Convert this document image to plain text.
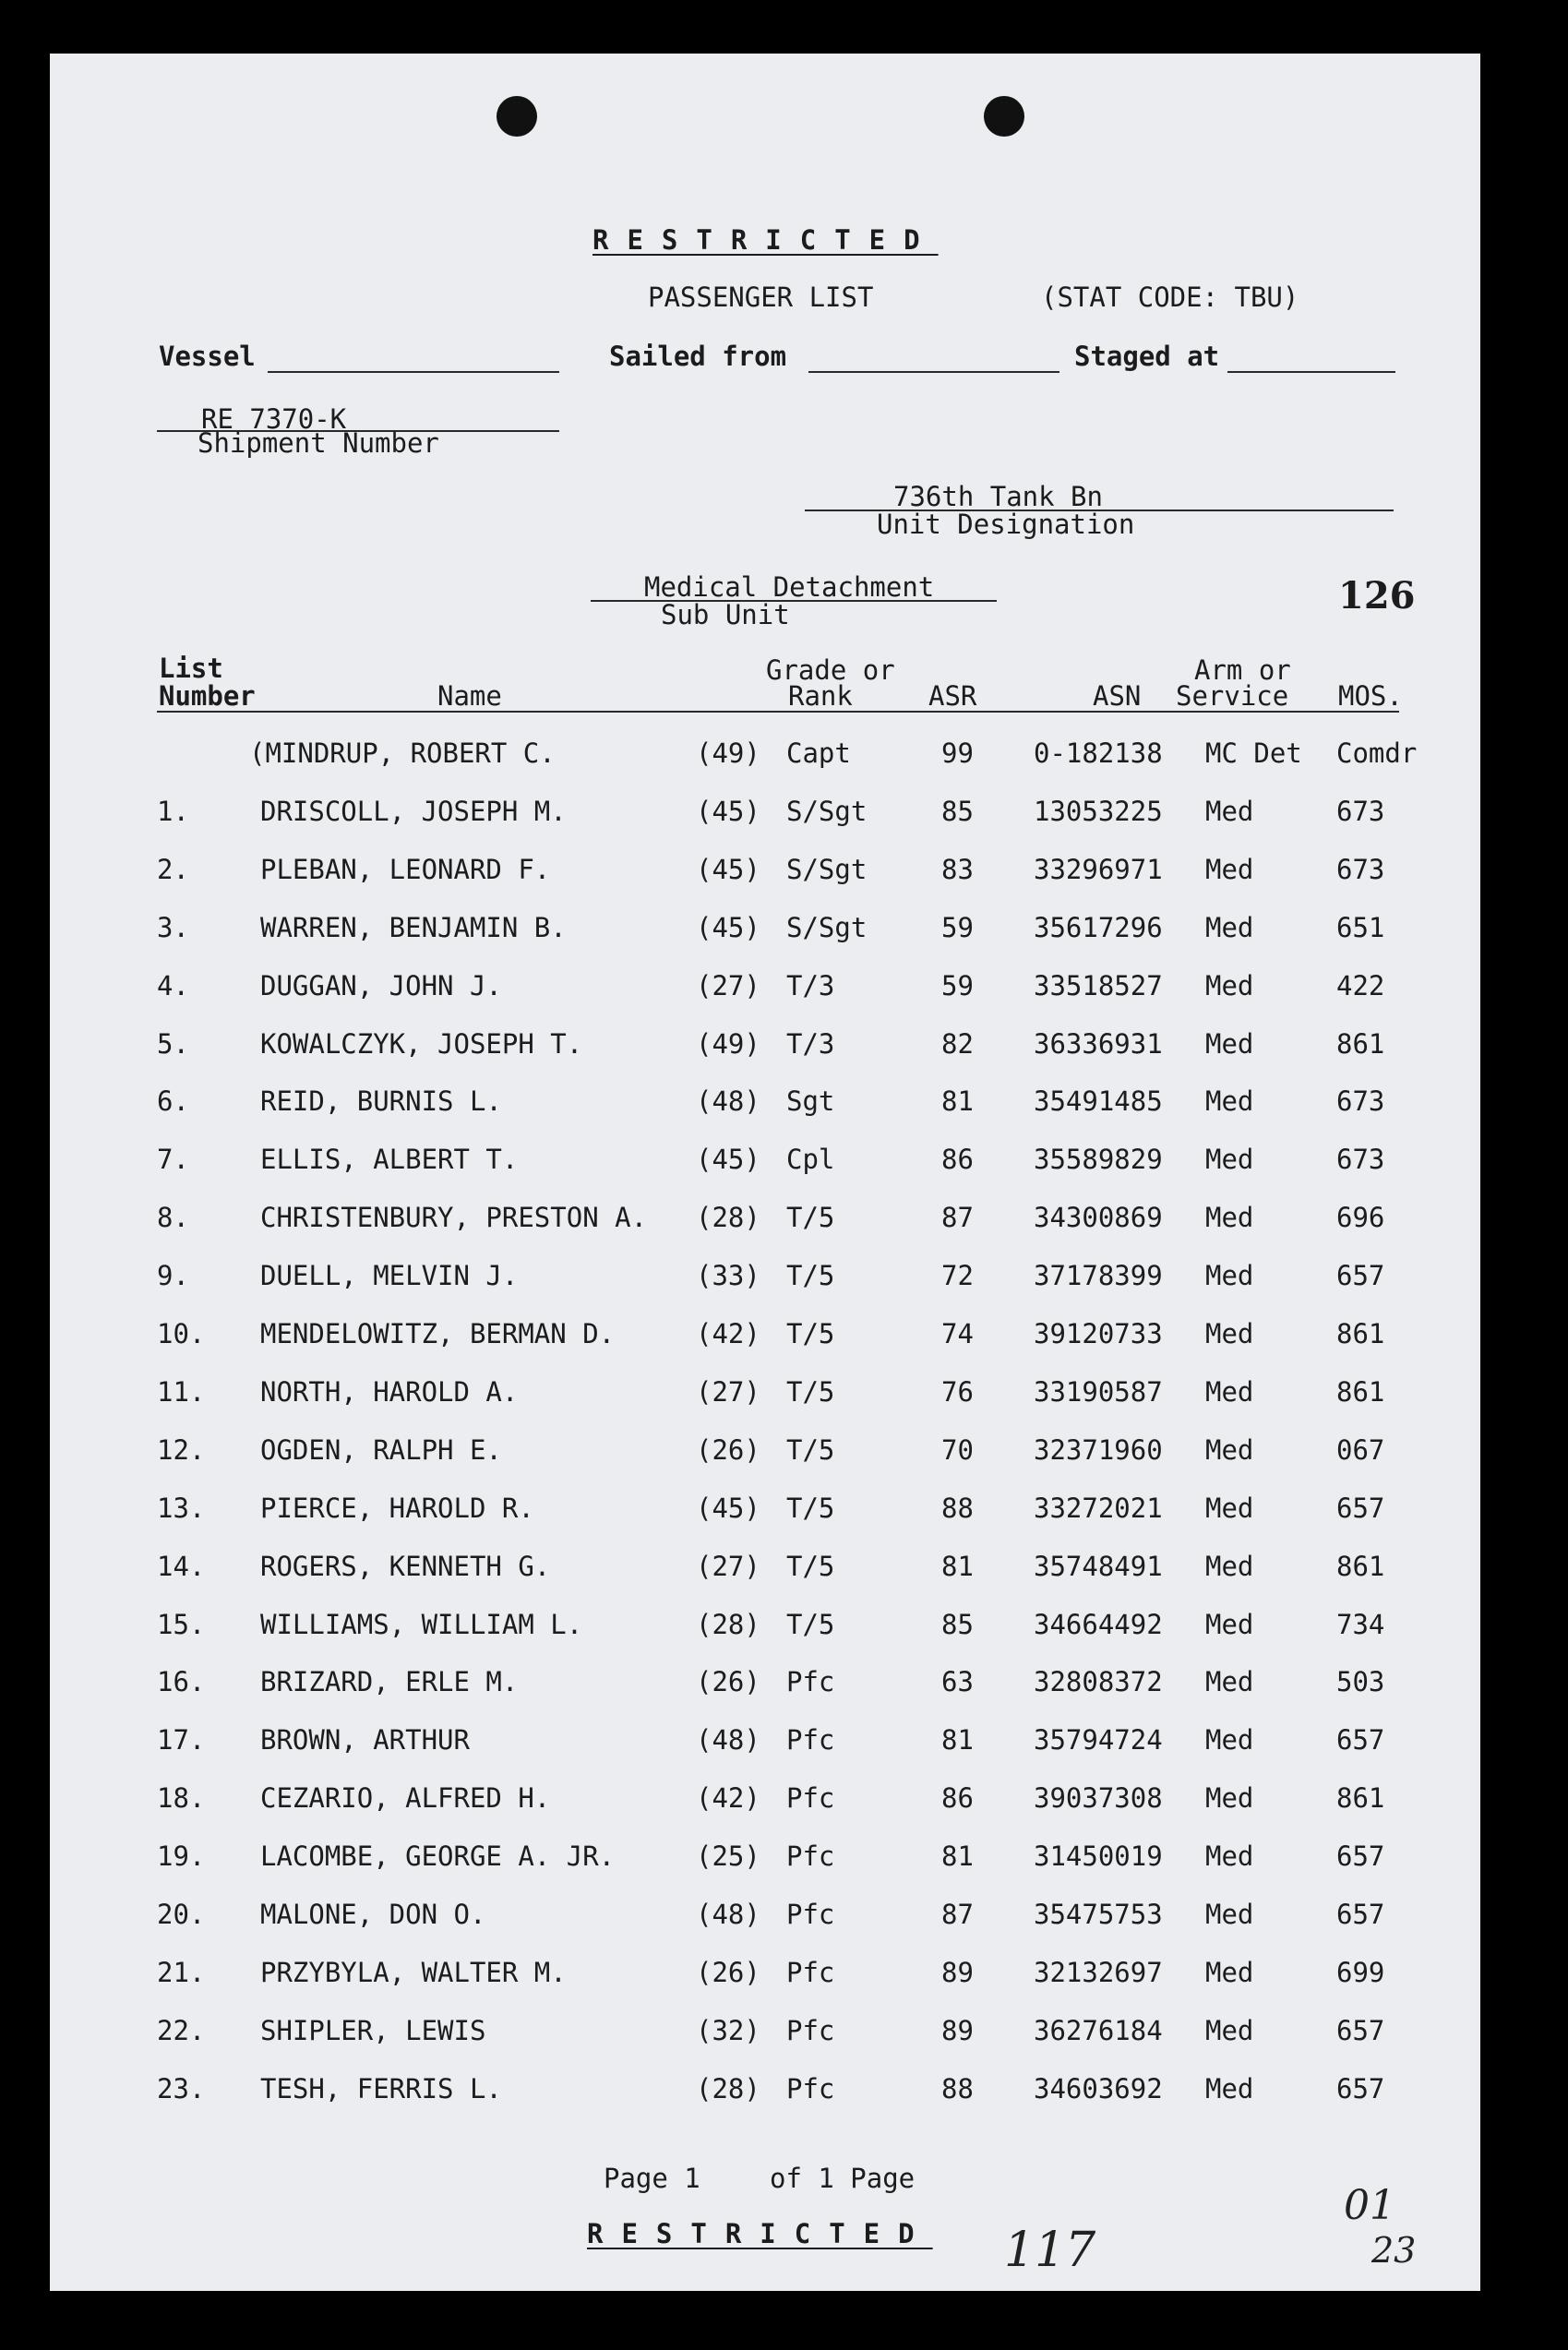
RESTRICTED
PASSENGER LIST	(STAT CODE: TBU)
Vessel	Sailed from	Staged at
RE 7370-K
Shipment Number
736th Tank Bn
Unit Designation
Medical Detachment
Sub Unit	126
List
Number	Name
Grade or
Rank	ASR	ASN
Arm or
Service MOS.
(MINDRUP, ROBERT C.	(49) Capt	99 0-182138 MC Det Comdr
1.	DRISCOLL, JOSEPH M.	(45) S/Sgt	85 13053225 Med	673
2.	PLEBAN, LEONARD F.	(45) S/Sgt	83 33296971 Med	673
3.	WARREN, BENJAMIN B.	(45) S/Sgt	59 35617296 Med	651
4.	DUGGAN, JOHN J.	(27) T/3	59 33518527 Med	422
5.	KOWALCZYK, JOSEPH T.	(49) T/3	82 36336931 Med	861
6.	REID, BURNIS L.	(48) Sgt	81 35491485 Med	673
7.	ELLIS, ALBERT T.	(45) Cpl	86 35589829 Med	673
8.	CHRISTENBURY, PRESTON A. (28) T/5	87 34300869 Med	696
9.	DUELL, MELVIN J.	(33) T/5	72 37178399 Med	657
10. MENDELOWITZ, BERMAN D.	(42) T/5	74 39120733 Med	861
11. NORTH, HAROLD A.	(27) T/5	76 33190587 Med	861
12. OGDEN, RALPH E.	(26) T/5	70 32371960 Med	067
13. PIERCE, HAROLD R.	(45) T/5	88 33272021 Med	657
14. ROGERS, KENNETH G.	(27) T/5	81 35748491 Med	861
15. WILLIAMS, WILLIAM L.	(28) T/5	85 34664492 Med	734
16. BRIZARD, ERLE M.	(26) Pfc	63 32808372 Med	503
17. BROWN, ARTHUR	(48) Pfc	81 35794724 Med	657
18. CEZARIO, ALFRED H.	(42) Pfc	86 39037308 Med	861
19. LACOMBE, GEORGE A. JR.	(25) Pfc	81 31450019 Med	657
20. MALONE, DON O.	(48) Pfc	87 35475753 Med	657
21. PRZYBYLA, WALTER M.	(26) Pfc	89 32132697 Med	699
22. SHIPLER, LEWIS	(32) Pfc	89 36276184 Med	657
23. TESH, FERRIS L.	(28) Pfc	88 34603692 Med	657
Page 1	of 1 Page
RESTRICTED 117
01
23
